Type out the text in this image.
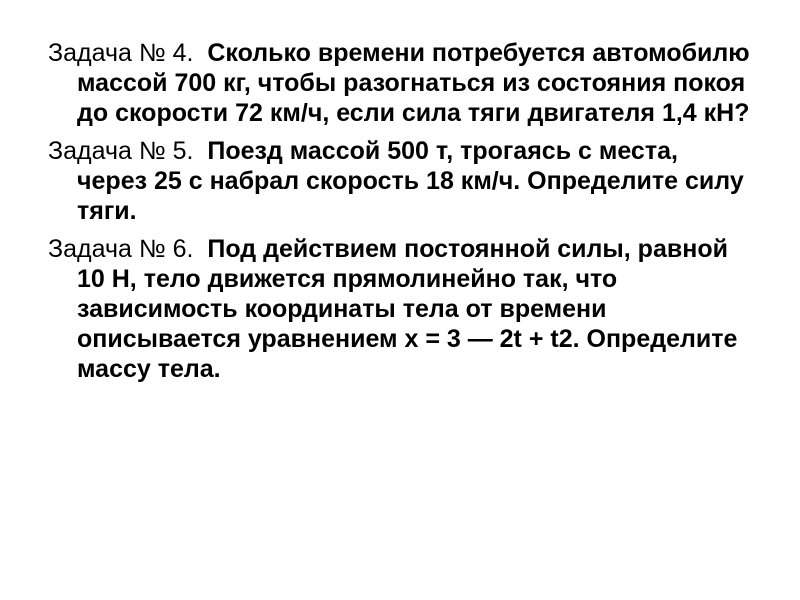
Задача № 4. Сколько времени потребуется автомобилю массой 700 кг, чтобы разогнаться из состояния покоя до скорости 72 км/ч, если сила тяги двигателя 1,4 кН?

Задача № 5. Поезд массой 500 т, трогаясь с места, через 25 с набрал скорость 18 км/ч. Определите силу тяги.

Задача № 6. Под действием постоянной силы, равной 10 Н, тело движется прямолинейно так, что зависимость координаты тела от времени описывается уравнением x = 3 — 2t + t2. Определите массу тела.
